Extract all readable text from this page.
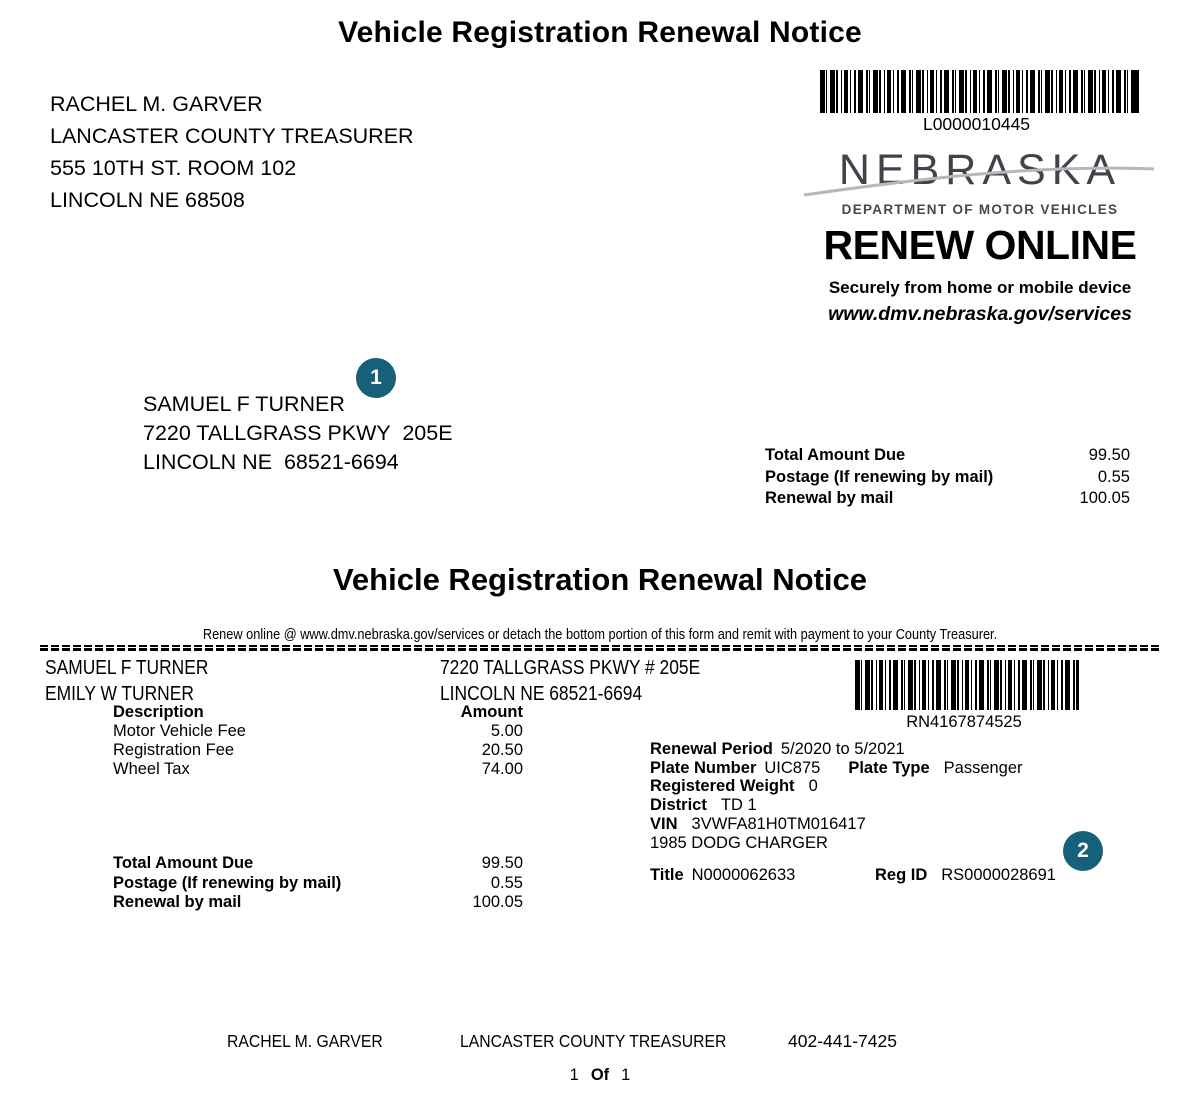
Vehicle Registration Renewal Notice
RACHEL M. GARVER
LANCASTER COUNTY TREASURER
555 10TH ST. ROOM 102
LINCOLN NE 68508
L0000010445
NEBRASKA
DEPARTMENT OF MOTOR VEHICLES
RENEW ONLINE
Securely from home or mobile device
www.dmv.nebraska.gov/services
1
SAMUEL F TURNER
7220 TALLGRASS PKWY  205E
LINCOLN NE  68521-6694	Total Amount Due	99.50
Postage (If renewing by mail)	0.55
Renewal by mail	100.05
Vehicle Registration Renewal Notice
Renew online @ www.dmv.nebraska.gov/services or detach the bottom portion of this form and remit with payment to your County Treasurer.
SAMUEL F TURNER
EMILY W TURNER
7220 TALLGRASS PKWY # 205E
LINCOLN NE 68521-6694
RN4167874525
Description	Amount
Motor Vehicle Fee	5.00
Registration Fee	20.50
Wheel Tax	74.00
Renewal Period 5/2020 to 5/2021
Plate Number UIC875 Plate Type Passenger
Registered Weight 0
District TD 1
VIN 3VWFA81H0TM016417
1985 DODG CHARGER	2
Total Amount Due	99.50
Postage (If renewing by mail)	0.55
Renewal by mail	100.05
Title N0000062633	Reg ID RS0000028691
RACHEL M. GARVER	LANCASTER COUNTY TREASURER	402-441-7425
1 Of 1
